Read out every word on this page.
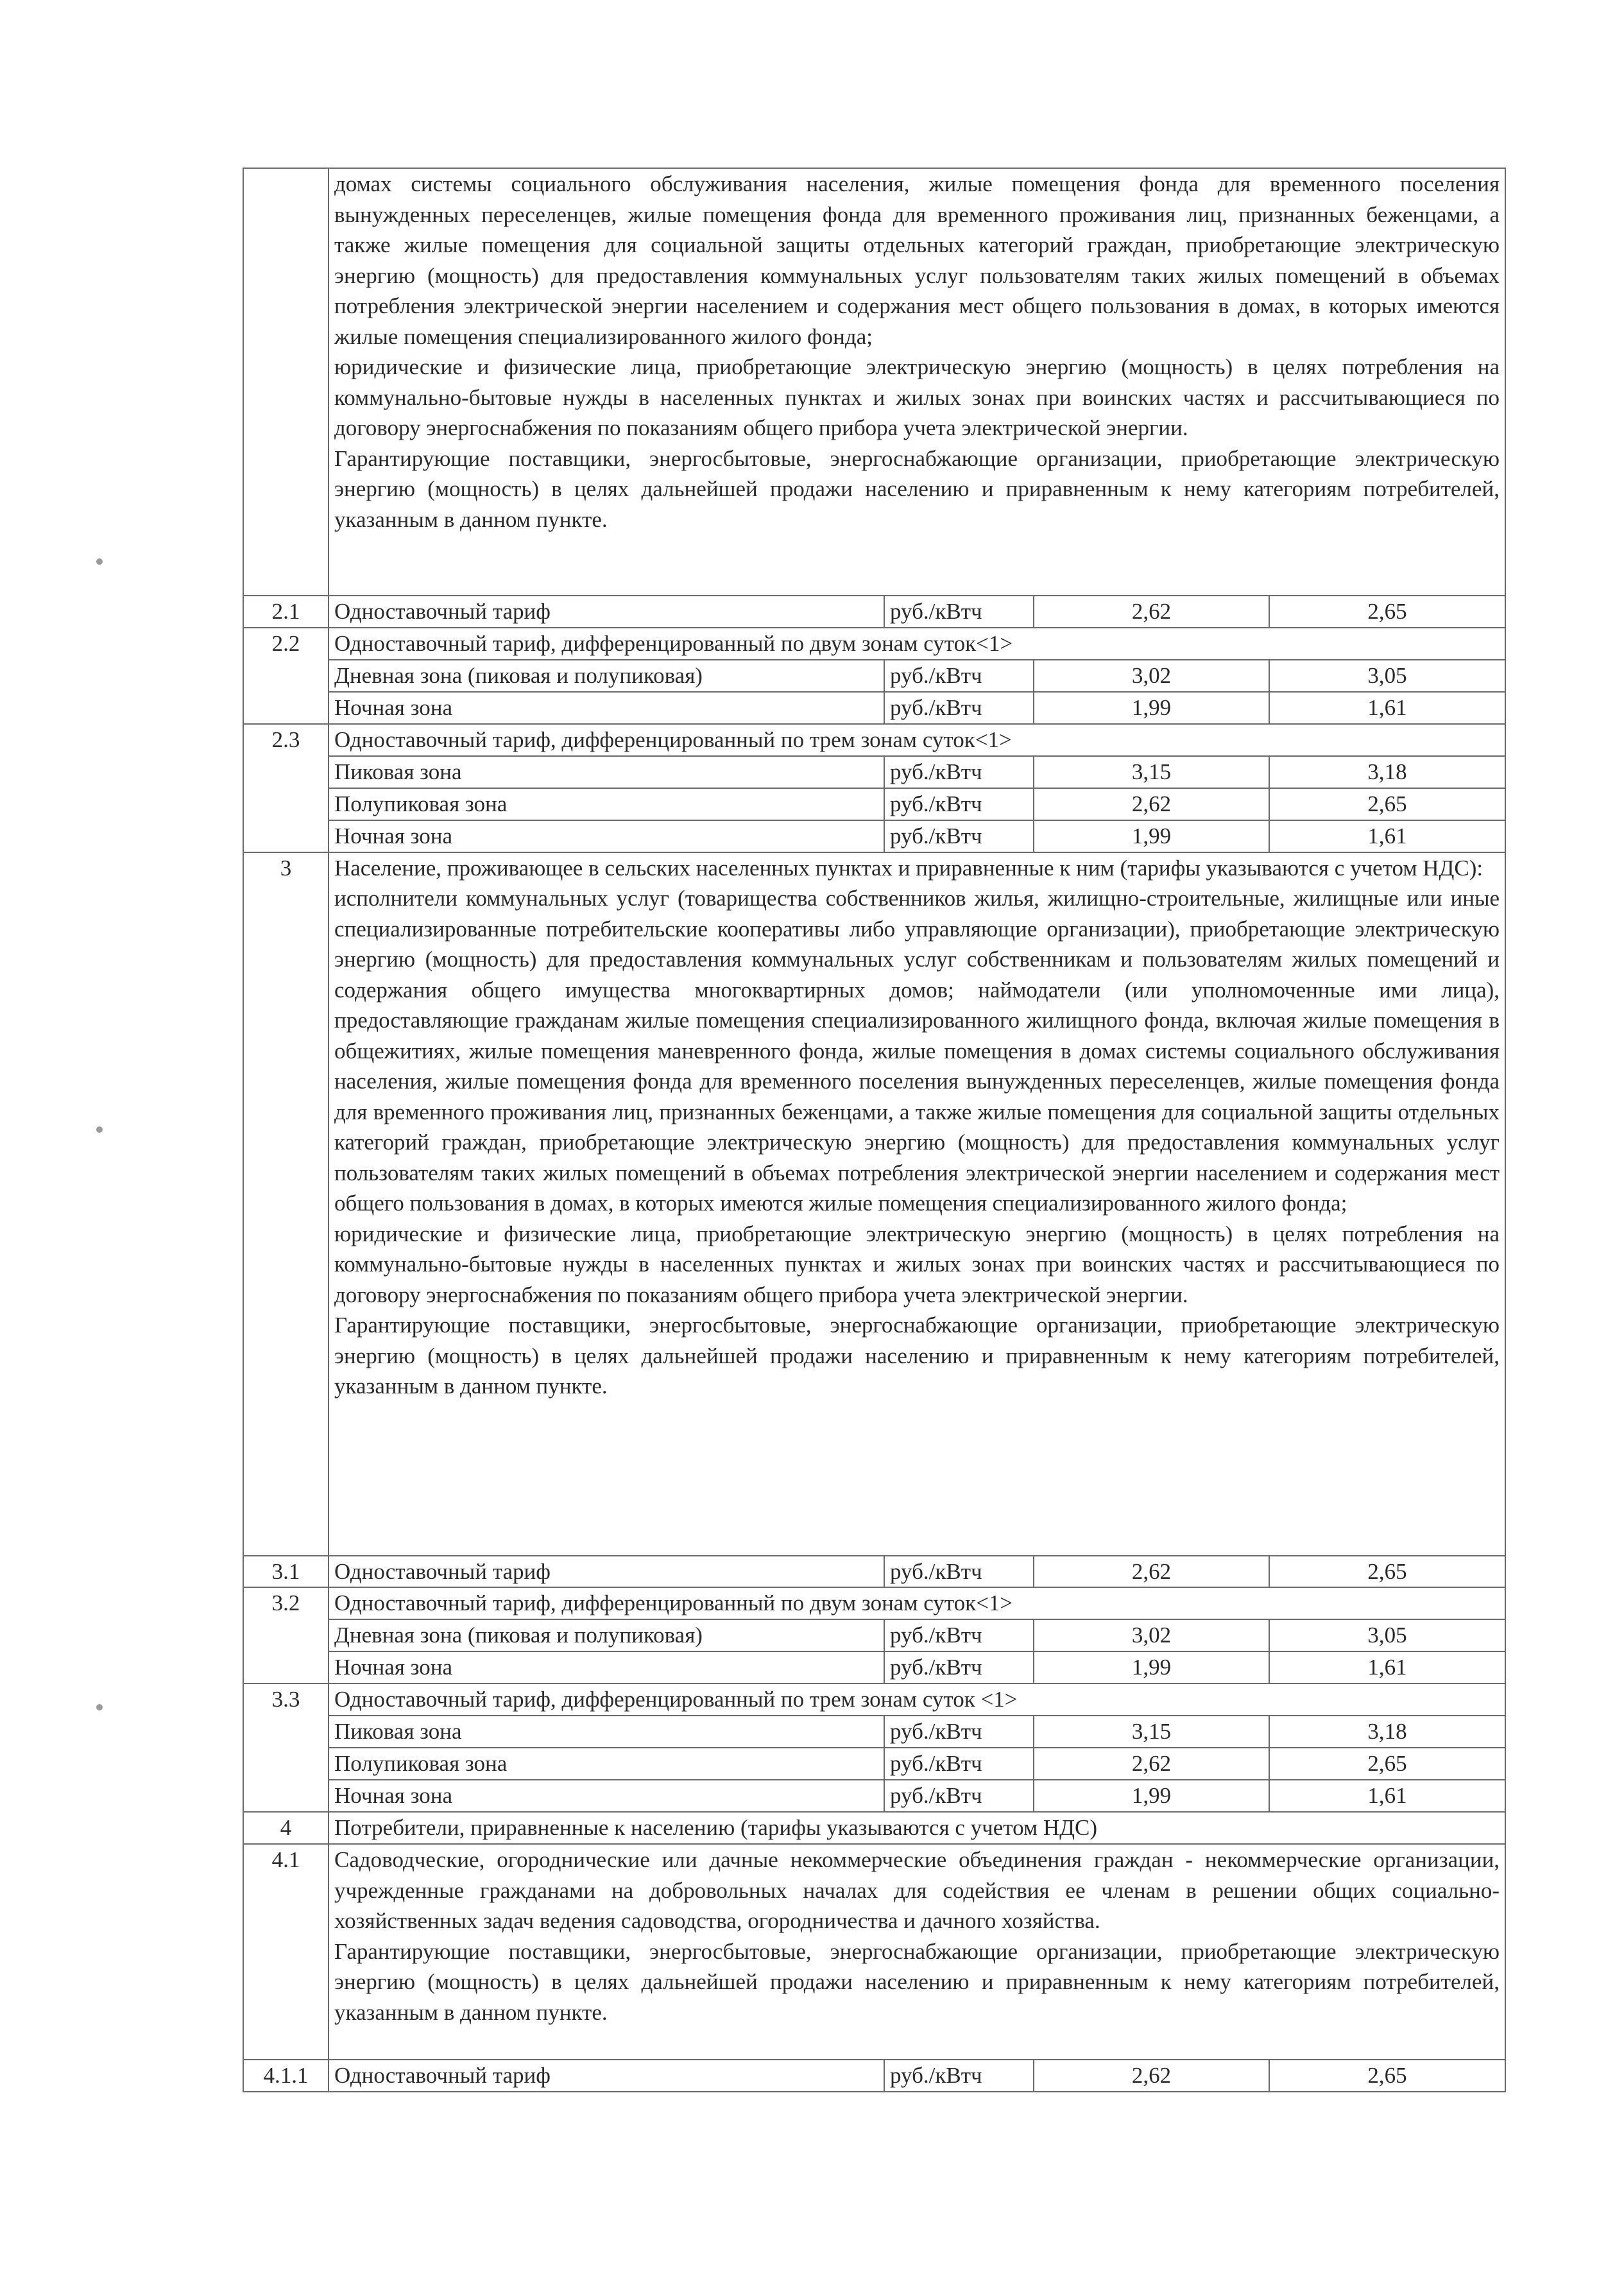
	домах системы социального обслуживания населения, жилые помещения фонда для временного поселения вынужденных переселенцев, жилые помещения фонда для временного проживания лиц, признанных беженцами, а также жилые помещения для социальной защиты отдельных категорий граждан, приобретающие электрическую энергию (мощность) для предоставления коммунальных услуг пользователям таких жилых помещений в объемах потребления электрической энергии населением и содержания мест общего пользования в домах, в которых имеются жилые помещения специализированного жилого фонда;
юридические и физические лица, приобретающие электрическую энергию (мощность) в целях потребления на коммунально-бытовые нужды в населенных пунктах и жилых зонах при воинских частях и рассчитывающиеся по договору энергоснабжения по показаниям общего прибора учета электрической энергии.
Гарантирующие поставщики, энергосбытовые, энергоснабжающие организации, приобретающие электрическую энергию (мощность) в целях дальнейшей продажи населению и приравненным к нему категориям потребителей, указанным в данном пункте.			

2.1	Одноставочный тариф	руб./кВтч	2,62	2,65
2.2	Одноставочный тариф, дифференцированный по двум зонам суток<1>			
	Дневная зона (пиковая и полупиковая)	руб./кВтч	3,02	3,05
	Ночная зона	руб./кВтч	1,99	1,61
2.3	Одноставочный тариф, дифференцированный по трем зонам суток<1>			
	Пиковая зона	руб./кВтч	3,15	3,18
	Полупиковая зона	руб./кВтч	2,62	2,65
	Ночная зона	руб./кВтч	1,99	1,61
3	Население, проживающее в сельских населенных пунктах и приравненные к ним (тарифы указываются с учетом НДС):
исполнители коммунальных услуг (товарищества собственников жилья, жилищно-строительные, жилищные или иные специализированные потребительские кооперативы либо управляющие организации), приобретающие электрическую энергию (мощность) для предоставления коммунальных услуг собственникам и пользователям жилых помещений и содержания общего имущества многоквартирных домов; наймодатели (или уполномоченные ими лица), предоставляющие гражданам жилые помещения специализированного жилищного фонда, включая жилые помещения в общежитиях, жилые помещения маневренного фонда, жилые помещения в домах системы социального обслуживания населения, жилые помещения фонда для временного поселения вынужденных переселенцев, жилые помещения фонда для временного проживания лиц, признанных беженцами, а также жилые помещения для социальной защиты отдельных категорий граждан, приобретающие электрическую энергию (мощность) для предоставления коммунальных услуг пользователям таких жилых помещений в объемах потребления электрической энергии населением и содержания мест общего пользования в домах, в которых имеются жилые помещения специализированного жилого фонда;
юридические и физические лица, приобретающие электрическую энергию (мощность) в целях потребления на коммунально-бытовые нужды в населенных пунктах и жилых зонах при воинских частях и рассчитывающиеся по договору энергоснабжения по показаниям общего прибора учета электрической энергии.
Гарантирующие поставщики, энергосбытовые, энергоснабжающие организации, приобретающие электрическую энергию (мощность) в целях дальнейшей продажи населению и приравненным к нему категориям потребителей, указанным в данном пункте.			

3.1	Одноставочный тариф	руб./кВтч	2,62	2,65
3.2	Одноставочный тариф, дифференцированный по двум зонам суток<1>			
	Дневная зона (пиковая и полупиковая)	руб./кВтч	3,02	3,05
	Ночная зона	руб./кВтч	1,99	1,61
3.3	Одноставочный тариф, дифференцированный по трем зонам суток <1>			
	Пиковая зона	руб./кВтч	3,15	3,18
	Полупиковая зона	руб./кВтч	2,62	2,65
	Ночная зона	руб./кВтч	1,99	1,61
4	Потребители, приравненные к населению (тарифы указываются с учетом НДС)			
4.1	Садоводческие, огороднические или дачные некоммерческие объединения граждан - некоммерческие организации, учрежденные гражданами на добровольных началах для содействия ее членам в решении общих социально-хозяйственных задач ведения садоводства, огородничества и дачного хозяйства.
Гарантирующие поставщики, энергосбытовые, энергоснабжающие организации, приобретающие электрическую энергию (мощность) в целях дальнейшей продажи населению и приравненным к нему категориям потребителей, указанным в данном пункте.			

4.1.1	Одноставочный тариф	руб./кВтч	2,62	2,65
